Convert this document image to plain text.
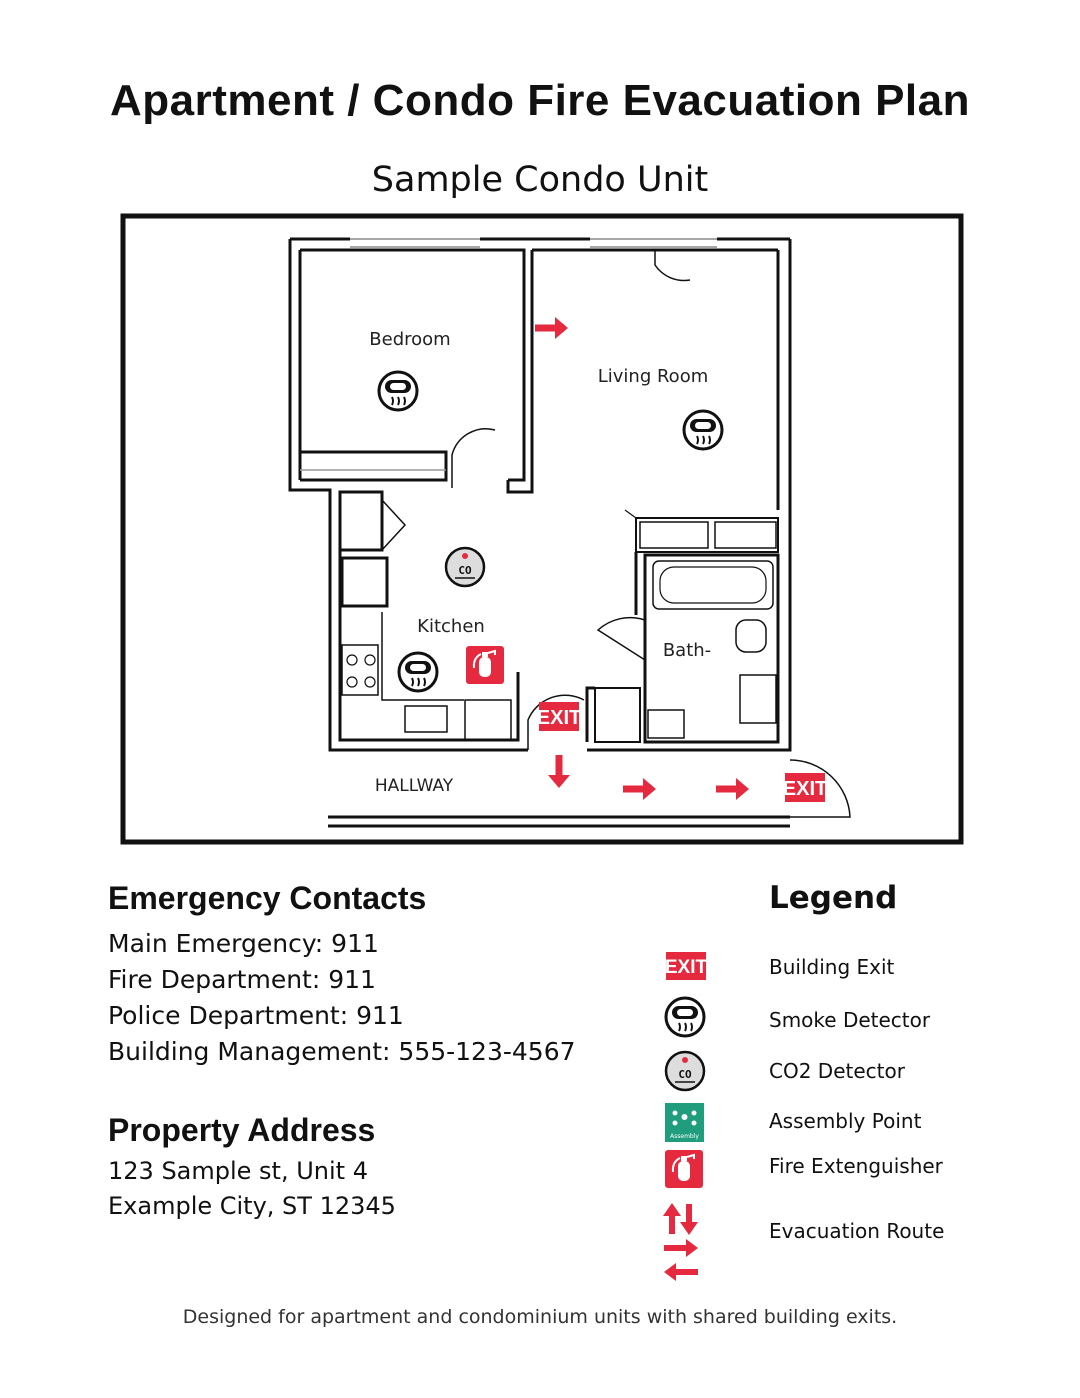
Apartment / Condo Fire Evacuation Plan
Sample Condo Unit
Bedroom
Living Room
Kitchen
Bath-
HALLWAY
CO
EXIT
EXIT
Emergency Contacts
Main Emergency: 911
Fire Department: 911
Police Department: 911
Building Management: 555-123-4567
Property Address
123 Sample st, Unit 4
Example City, ST 12345
Legend
EXIT
CO
Assembly
Building Exit
Smoke Detector
CO2 Detector
Assembly Point
Fire Extenguisher
Evacuation Route
Designed for apartment and condominium units with shared building exits.
